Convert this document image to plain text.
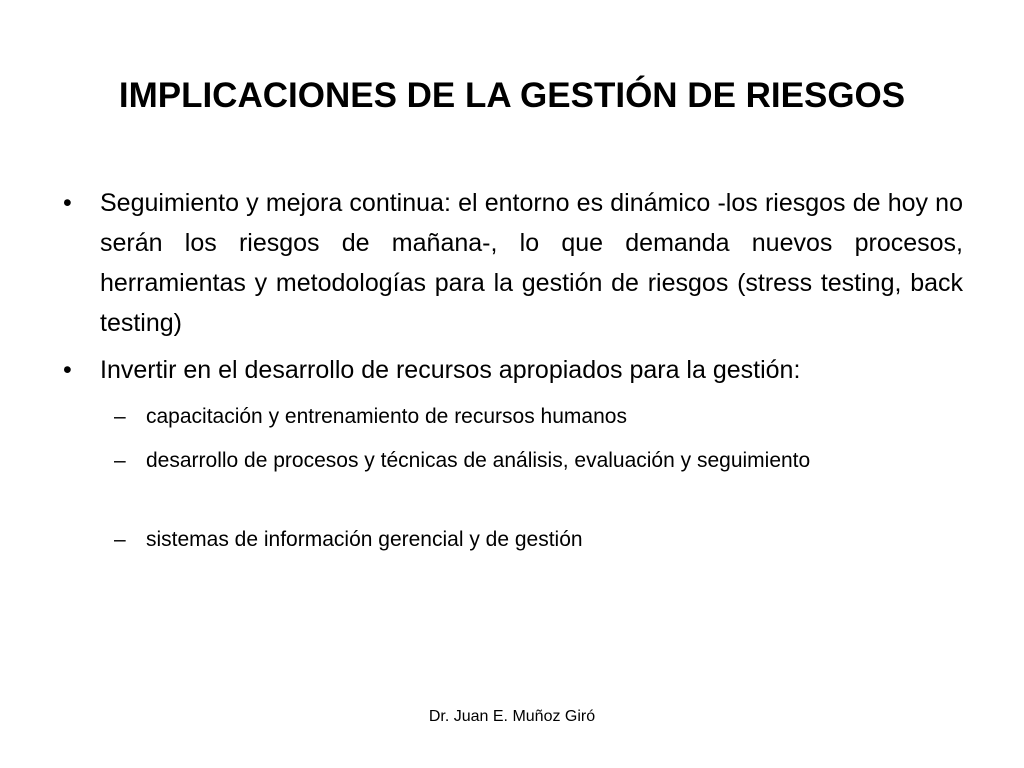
IMPLICACIONES DE LA GESTIÓN DE RIESGOS
• Seguimiento y mejora continua: el entorno es dinámico -los riesgos de hoy no serán los riesgos de mañana-, lo que demanda nuevos procesos, herramientas y metodologías para la gestión de riesgos (stress testing, back testing)
• Invertir en el desarrollo de recursos apropiados para la gestión:
– capacitación y entrenamiento de recursos humanos
– desarrollo de procesos y técnicas de análisis, evaluación y seguimiento
– sistemas de información gerencial y de gestión
Dr. Juan E. Muñoz Giró
